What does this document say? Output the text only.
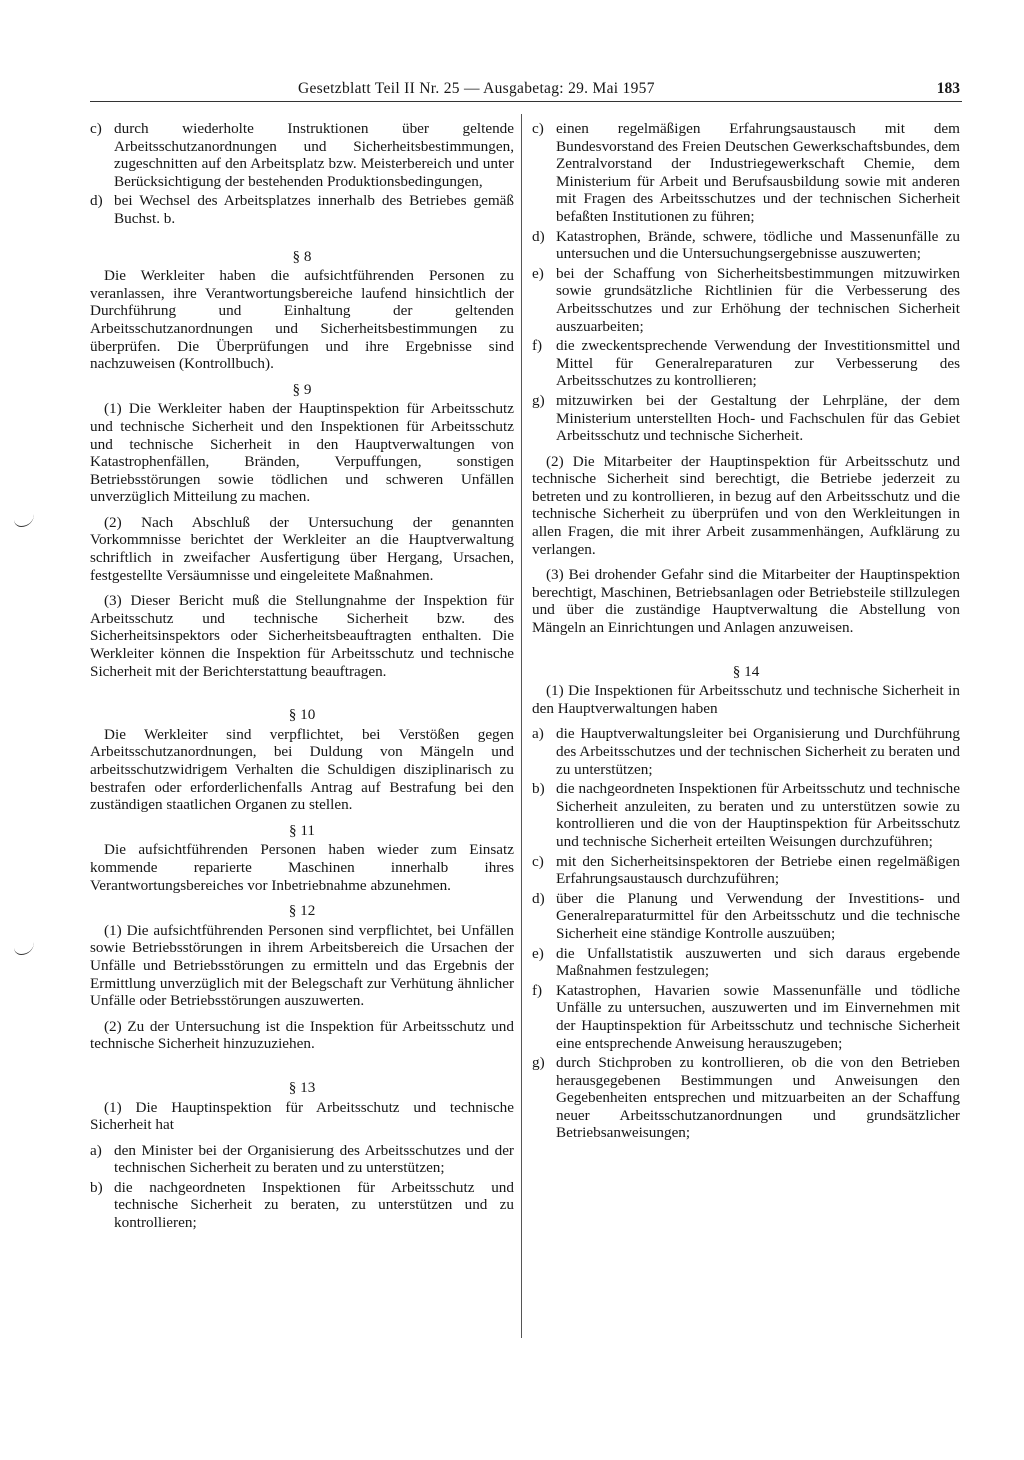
Gesetzblatt Teil II Nr. 25 — Ausgabetag: 29. Mai 1957	183
c) durch wiederholte Instruktionen über geltende Arbeitsschutzanordnungen und Sicherheitsbestimmungen, zugeschnitten auf den Arbeitsplatz bzw. Meisterbereich und unter Berücksichtigung der bestehenden Produktionsbedingungen,
d) bei Wechsel des Arbeitsplatzes innerhalb des Betriebes gemäß Buchst. b.
§ 8

Die Werkleiter haben die aufsichtführenden Personen zu veranlassen, ihre Verantwortungsbereiche laufend hinsichtlich der Durchführung und Einhaltung der geltenden Arbeitsschutzanordnungen und Sicherheitsbestimmungen zu überprüfen. Die Überprüfungen und ihre Ergebnisse sind nachzuweisen (Kontrollbuch).

§ 9

(1) Die Werkleiter haben der Hauptinspektion für Arbeitsschutz und technische Sicherheit und den Inspektionen für Arbeitsschutz und technische Sicherheit in den Hauptverwaltungen von Katastrophenfällen, Bränden, Verpuffungen, sonstigen Betriebsstörungen sowie tödlichen und schweren Unfällen unverzüglich Mitteilung zu machen.

(2) Nach Abschluß der Untersuchung der genannten Vorkommnisse berichtet der Werkleiter an die Hauptverwaltung schriftlich in zweifacher Ausfertigung über Hergang, Ursachen, festgestellte Versäumnisse und eingeleitete Maßnahmen.

(3) Dieser Bericht muß die Stellungnahme der Inspektion für Arbeitsschutz und technische Sicherheit bzw. des Sicherheitsinspektors oder Sicherheitsbeauftragten enthalten. Die Werkleiter können die Inspektion für Arbeitsschutz und technische Sicherheit mit der Berichterstattung beauftragen.

§ 10

Die Werkleiter sind verpflichtet, bei Verstößen gegen Arbeitsschutzanordnungen, bei Duldung von Mängeln und arbeitsschutzwidrigem Verhalten die Schuldigen disziplinarisch zu bestrafen oder erforderlichenfalls Antrag auf Bestrafung bei den zuständigen staatlichen Organen zu stellen.

§ 11

Die aufsichtführenden Personen haben wieder zum Einsatz kommende reparierte Maschinen innerhalb ihres Verantwortungsbereiches vor Inbetriebnahme abzunehmen.

§ 12

(1) Die aufsichtführenden Personen sind verpflichtet, bei Unfällen sowie Betriebsstörungen in ihrem Arbeitsbereich die Ursachen der Unfälle und Betriebsstörungen zu ermitteln und das Ergebnis der Ermittlung unverzüglich mit der Belegschaft zur Verhütung ähnlicher Unfälle oder Betriebsstörungen auszuwerten.

(2) Zu der Untersuchung ist die Inspektion für Arbeitsschutz und technische Sicherheit hinzuzuziehen.

§ 13

(1) Die Hauptinspektion für Arbeitsschutz und technische Sicherheit hat

a) den Minister bei der Organisierung des Arbeitsschutzes und der technischen Sicherheit zu beraten und zu unterstützen;
b) die nachgeordneten Inspektionen für Arbeitsschutz und technische Sicherheit zu beraten, zu unterstützen und zu kontrollieren;
c) einen regelmäßigen Erfahrungsaustausch mit dem Bundesvorstand des Freien Deutschen Gewerkschaftsbundes, dem Zentralvorstand der Industriegewerkschaft Chemie, dem Ministerium für Arbeit und Berufsausbildung sowie mit anderen mit Fragen des Arbeitsschutzes und der technischen Sicherheit befaßten Institutionen zu führen;
d) Katastrophen, Brände, schwere, tödliche und Massenunfälle zu untersuchen und die Untersuchungsergebnisse auszuwerten;
e) bei der Schaffung von Sicherheitsbestimmungen mitzuwirken sowie grundsätzliche Richtlinien für die Verbesserung des Arbeitsschutzes und zur Erhöhung der technischen Sicherheit auszuarbeiten;
f) die zweckentsprechende Verwendung der Investitionsmittel und Mittel für Generalreparaturen zur Verbesserung des Arbeitsschutzes zu kontrollieren;
g) mitzuwirken bei der Gestaltung der Lehrpläne, der dem Ministerium unterstellten Hoch- und Fachschulen für das Gebiet Arbeitsschutz und technische Sicherheit.

(2) Die Mitarbeiter der Hauptinspektion für Arbeitsschutz und technische Sicherheit sind berechtigt, die Betriebe jederzeit zu betreten und zu kontrollieren, in bezug auf den Arbeitsschutz und die technische Sicherheit zu überprüfen und von den Werkleitungen in allen Fragen, die mit ihrer Arbeit zusammenhängen, Aufklärung zu verlangen.

(3) Bei drohender Gefahr sind die Mitarbeiter der Hauptinspektion berechtigt, Maschinen, Betriebsanlagen oder Betriebsteile stillzulegen und über die zuständige Hauptverwaltung die Abstellung von Mängeln an Einrichtungen und Anlagen anzuweisen.

§ 14

(1) Die Inspektionen für Arbeitsschutz und technische Sicherheit in den Hauptverwaltungen haben

a) die Hauptverwaltungsleiter bei Organisierung und Durchführung des Arbeitsschutzes und der technischen Sicherheit zu beraten und zu unterstützen;
b) die nachgeordneten Inspektionen für Arbeitsschutz und technische Sicherheit anzuleiten, zu beraten und zu unterstützen sowie zu kontrollieren und die von der Hauptinspektion für Arbeitsschutz und technische Sicherheit erteilten Weisungen durchzuführen;
c) mit den Sicherheitsinspektoren der Betriebe einen regelmäßigen Erfahrungsaustausch durchzuführen;
d) über die Planung und Verwendung der Investitions- und Generalreparaturmittel für den Arbeitsschutz und die technische Sicherheit eine ständige Kontrolle auszuüben;
e) die Unfallstatistik auszuwerten und sich daraus ergebende Maßnahmen festzulegen;
f) Katastrophen, Havarien sowie Massenunfälle und tödliche Unfälle zu untersuchen, auszuwerten und im Einvernehmen mit der Hauptinspektion für Arbeitsschutz und technische Sicherheit eine entsprechende Anweisung herauszugeben;
g) durch Stichproben zu kontrollieren, ob die von den Betrieben herausgegebenen Bestimmungen und Anweisungen den Gegebenheiten entsprechen und mitzuarbeiten an der Schaffung neuer Arbeitsschutzanordnungen und grundsätzlicher Betriebsanweisungen;
